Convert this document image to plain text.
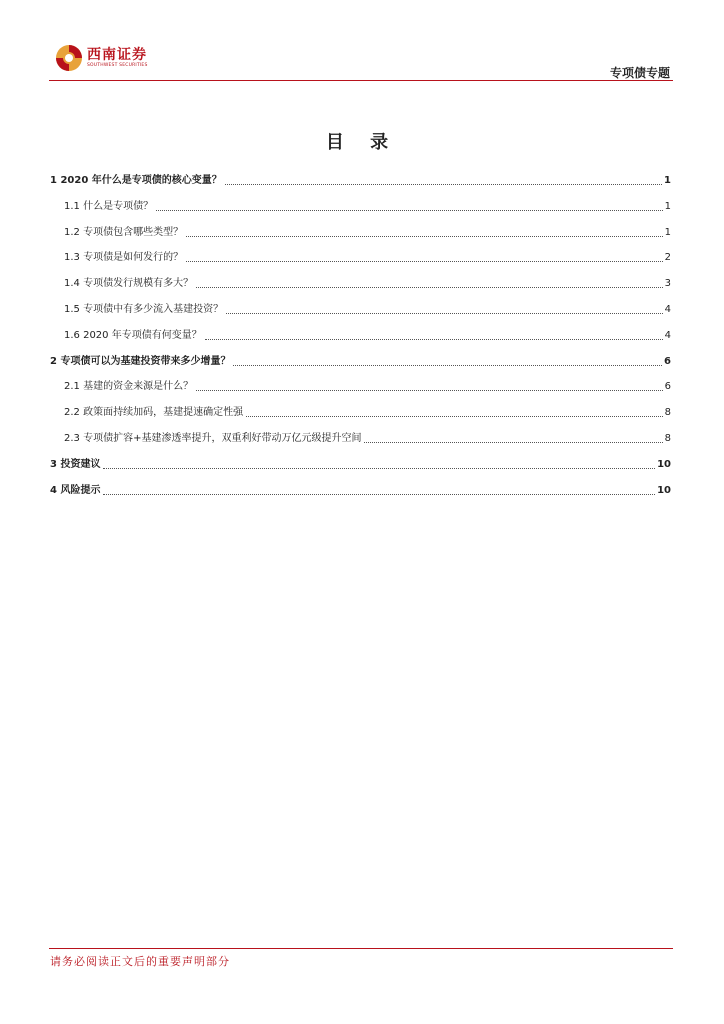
西南证券
SOUTHWEST SECURITIES
专项债专题
目 录
1 2020 年什么是专项债的核心变量？	1
1.1 什么是专项债？	1
1.2 专项债包含哪些类型？	1
1.3 专项债是如何发行的？	2
1.4 专项债发行规模有多大？	3
1.5 专项债中有多少流入基建投资？	4
1.6 2020 年专项债有何变量？	4
2 专项债可以为基建投资带来多少增量？	6
2.1 基建的资金来源是什么？	6
2.2 政策面持续加码，基建提速确定性强	8
2.3 专项债扩容+基建渗透率提升，双重利好带动万亿元级提升空间	8
3 投资建议	10
4 风险提示	10
请务必阅读正文后的重要声明部分
